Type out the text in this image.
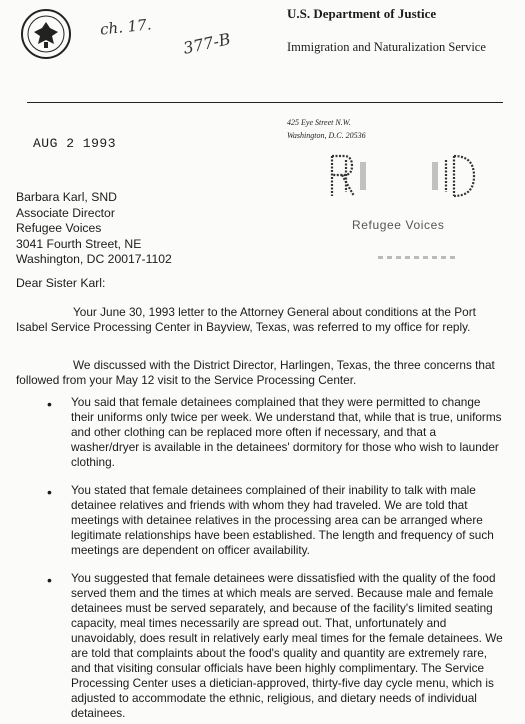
ch. 17.
377-B
U.S. Department of Justice
Immigration and Naturalization Service
425 Eye Street N.W.
Washington, D.C. 20536
AUG 2 1993
Refugee Voices
Barbara Karl, SND
Associate Director
Refugee Voices
3041 Fourth Street, NE
Washington, DC 20017-1102
Dear Sister Karl:

Your June 30, 1993 letter to the Attorney General about conditions at the Port Isabel Service Processing Center in Bayview, Texas, was referred to my office for reply.

We discussed with the District Director, Harlingen, Texas, the three concerns that followed from your May 12 visit to the Service Processing Center.

• You said that female detainees complained that they were permitted to change their uniforms only twice per week. We understand that, while that is true, uniforms and other clothing can be replaced more often if necessary, and that a washer/dryer is available in the detainees' dormitory for those who wish to launder clothing.

• You stated that female detainees complained of their inability to talk with male detainee relatives and friends with whom they had traveled. We are told that meetings with detainee relatives in the processing area can be arranged where legitimate relationships have been established. The length and frequency of such meetings are dependent on officer availability.

• You suggested that female detainees were dissatisfied with the quality of the food served them and the times at which meals are served. Because male and female detainees must be served separately, and because of the facility's limited seating capacity, meal times necessarily are spread out. That, unfortunately and unavoidably, does result in relatively early meal times for the female detainees. We are told that complaints about the food's quality and quantity are extremely rare, and that visiting consular officials have been highly complimentary. The Service Processing Center uses a dietician-approved, thirty-five day cycle menu, which is adjusted to accommodate the ethnic, religious, and dietary needs of individual detainees.
